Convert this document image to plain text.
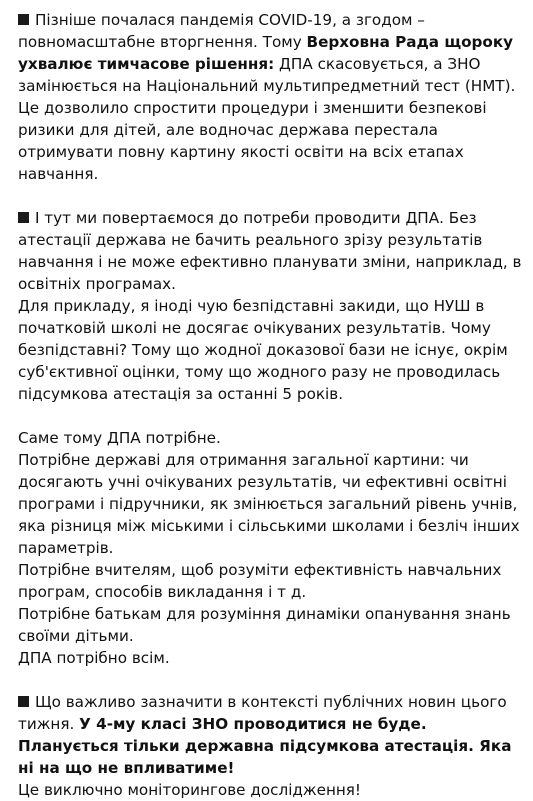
Пізніше почалася пандемія COVID-19, а згодом – повномасштабне вторгнення. Тому Верховна Рада щороку ухвалює тимчасове рішення: ДПА скасовується, а ЗНО замінюється на Національний мультипредметний тест (НМТ). Це дозволило спростити процедури і зменшити безпекові ризики для дітей, але водночас держава перестала отримувати повну картину якості освіти на всіх етапах навчання.
І тут ми повертаємося до потреби проводити ДПА. Без атестації держава не бачить реального зрізу результатів навчання і не може ефективно планувати зміни, наприклад, в освітніх програмах.
Для прикладу, я іноді чую безпідставні закиди, що НУШ в початковій школі не досягає очікуваних результатів. Чому безпідставні? Тому що жодної доказової бази не існує, окрім суб'єктивної оцінки, тому що жодного разу не проводилась підсумкова атестація за останні 5 років.
Саме тому ДПА потрібне.
Потрібне державі для отримання загальної картини: чи досягають учні очікуваних результатів, чи ефективні освітні програми і підручники, як змінюється загальний рівень учнів, яка різниця між міськими і сільськими школами і безліч інших параметрів.
Потрібне вчителям, щоб розуміти ефективність навчальних програм, способів викладання і т д.
Потрібне батькам для розуміння динаміки опанування знань своїми дітьми.
ДПА потрібно всім.
Що важливо зазначити в контексті публічних новин цього тижня. У 4-му класі ЗНО проводитися не буде. Планується тільки державна підсумкова атестація. Яка ні на що не впливатиме!
Це виключно моніторингове дослідження!
